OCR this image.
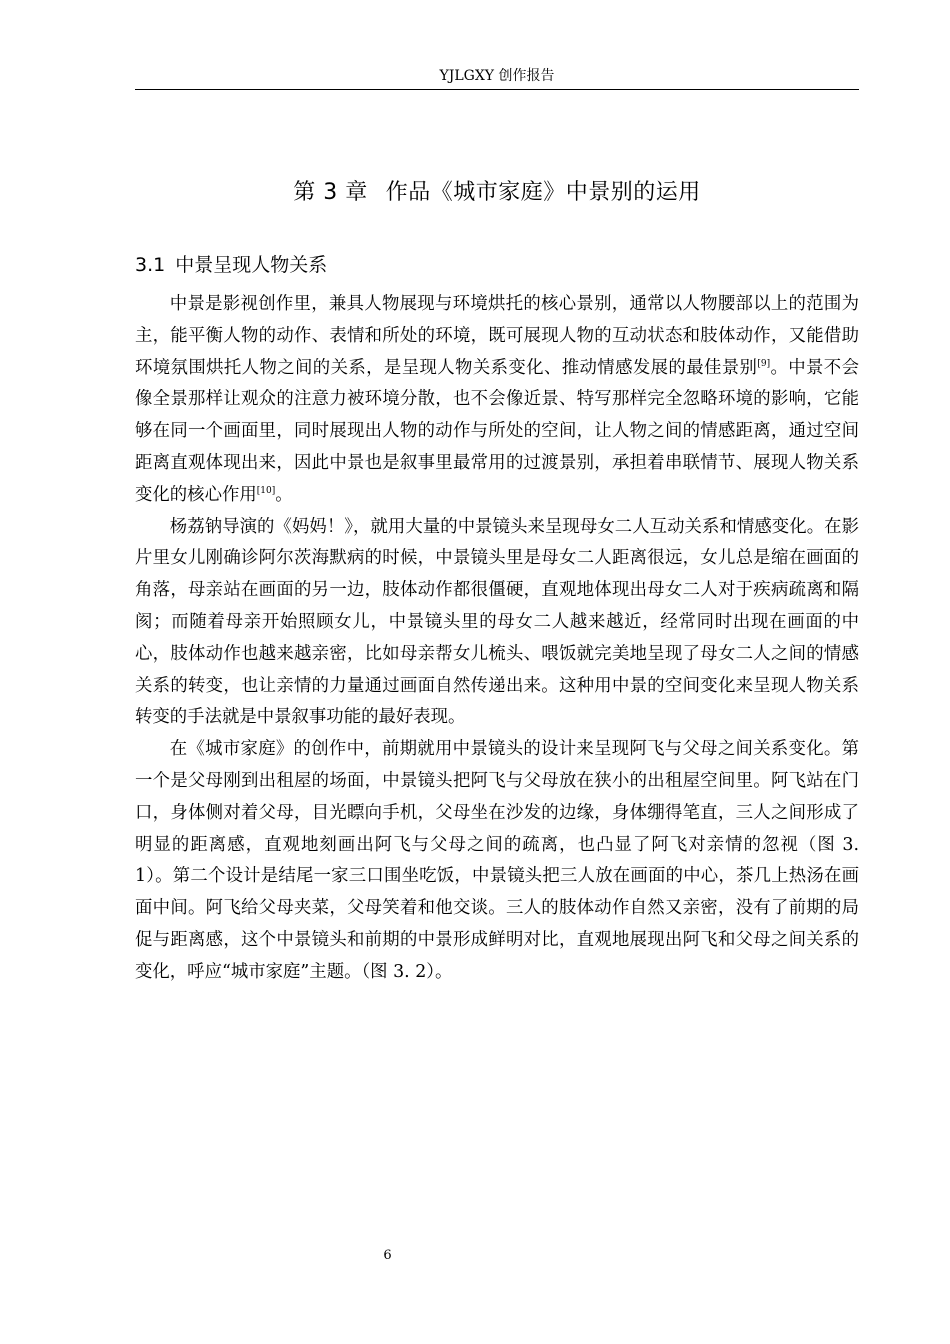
YJLGXY 创作报告
第 3 章 作品《城市家庭》中景别的运用
3.1 中景呈现人物关系

中景是影视创作里，兼具人物展现与环境烘托的核心景别，通常以人物腰部以上的范围为主，能平衡人物的动作、表情和所处的环境，既可展现人物的互动状态和肢体动作，又能借助环境氛围烘托人物之间的关系，是呈现人物关系变化、推动情感发展的最佳景别[9]。中景不会像全景那样让观众的注意力被环境分散，也不会像近景、特写那样完全忽略环境的影响，它能够在同一个画面里，同时展现出人物的动作与所处的空间，让人物之间的情感距离，通过空间距离直观体现出来，因此中景也是叙事里最常用的过渡景别，承担着串联情节、展现人物关系变化的核心作用[10]。

杨荔钠导演的《妈妈！》，就用大量的中景镜头来呈现母女二人互动关系和情感变化。在影片里女儿刚确诊阿尔茨海默病的时候，中景镜头里是母女二人距离很远，女儿总是缩在画面的角落，母亲站在画面的另一边，肢体动作都很僵硬，直观地体现出母女二人对于疾病疏离和隔阂；而随着母亲开始照顾女儿，中景镜头里的母女二人越来越近，经常同时出现在画面的中心，肢体动作也越来越亲密，比如母亲帮女儿梳头、喂饭就完美地呈现了母女二人之间的情感关系的转变，也让亲情的力量通过画面自然传递出来。这种用中景的空间变化来呈现人物关系转变的手法就是中景叙事功能的最好表现。

在《城市家庭》的创作中，前期就用中景镜头的设计来呈现阿飞与父母之间关系变化。第一个是父母刚到出租屋的场面，中景镜头把阿飞与父母放在狭小的出租屋空间里。阿飞站在门口，身体侧对着父母，目光瞟向手机，父母坐在沙发的边缘，身体绷得笔直，三人之间形成了明显的距离感，直观地刻画出阿飞与父母之间的疏离，也凸显了阿飞对亲情的忽视（图 3. 1）。第二个设计是结尾一家三口围坐吃饭，中景镜头把三人放在画面的中心，茶几上热汤在画面中间。阿飞给父母夹菜，父母笑着和他交谈。三人的肢体动作自然又亲密，没有了前期的局促与距离感，这个中景镜头和前期的中景形成鲜明对比，直观地展现出阿飞和父母之间关系的变化，呼应“城市家庭”主题。（图 3. 2）。

6
